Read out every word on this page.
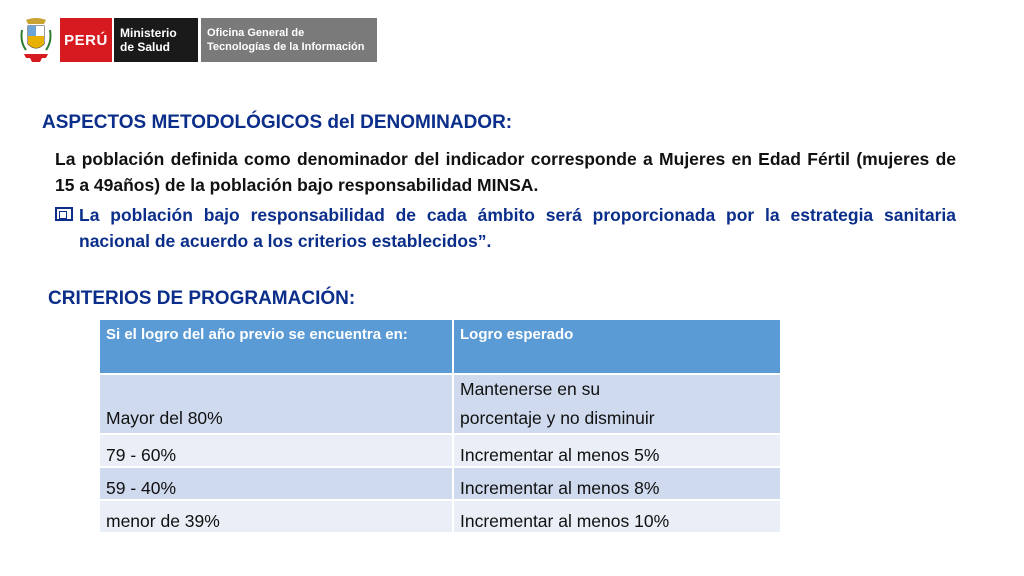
PERÚ Ministerio
de Salud
Oficina General de
Tecnologías de la Información
ASPECTOS METODOLÓGICOS del DENOMINADOR:
La población definida como denominador del indicador corresponde a Mujeres en Edad Fértil (mujeres de 15 a 49años) de la población bajo responsabilidad MINSA.
La población bajo responsabilidad de cada ámbito será proporcionada por la estrategia sanitaria nacional de acuerdo a los criterios establecidos”.
CRITERIOS DE PROGRAMACIÓN:
Si el logro del año previo se encuentra en:	Logro esperado

Mayor del 80%	Mantenerse en su
porcentaje y no disminuir

79 - 60%	Incrementar al menos 5%
59 - 40%	Incrementar al menos 8%
menor de 39%	Incrementar al menos 10%
